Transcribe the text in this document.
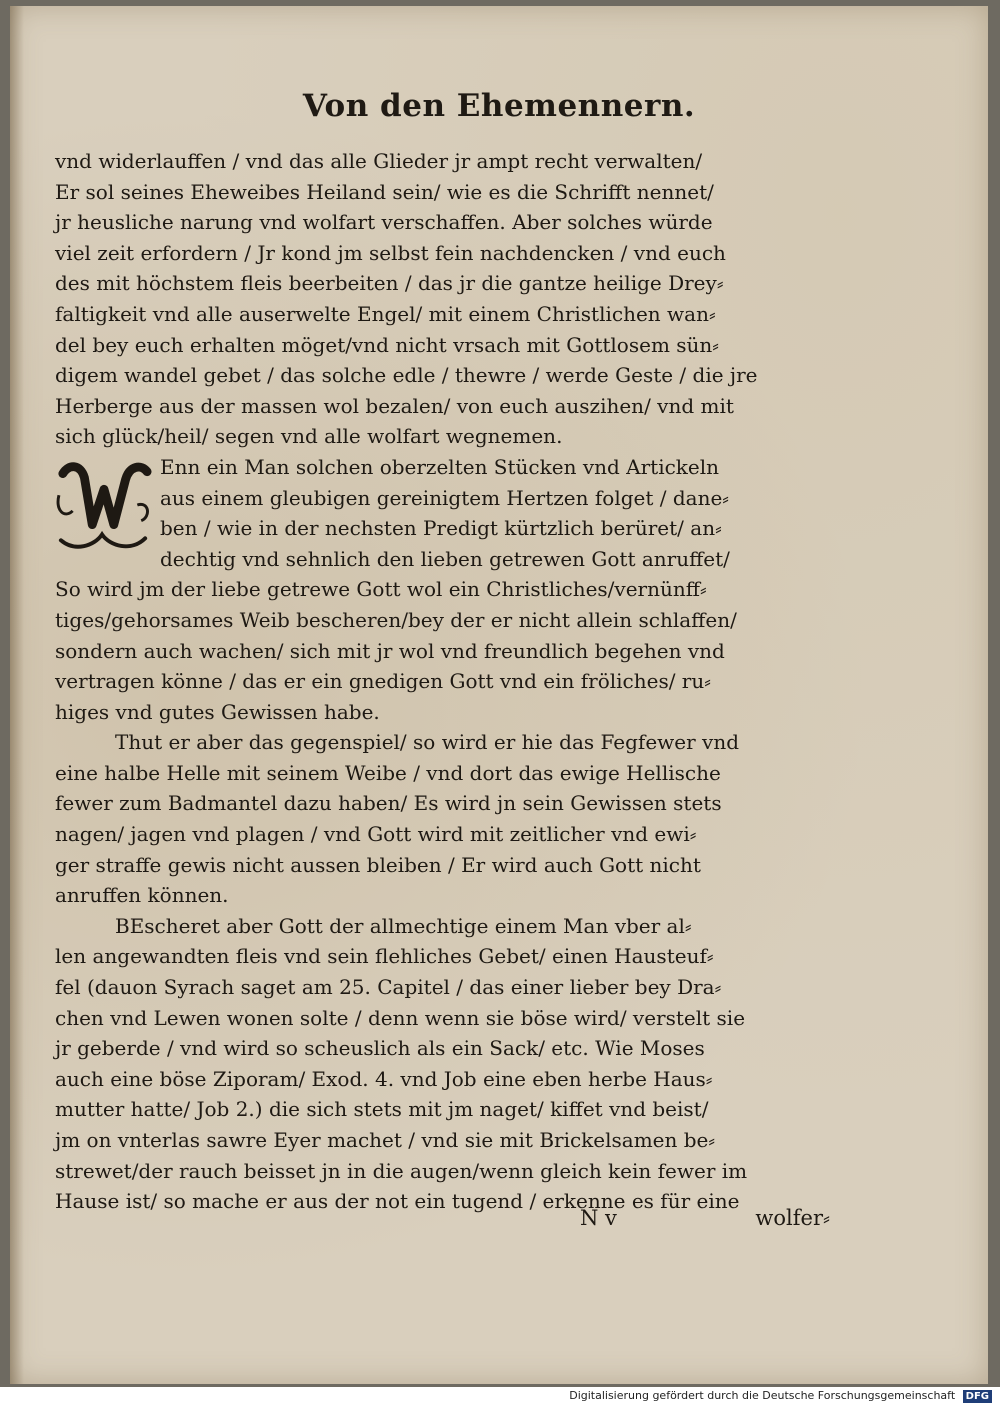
Von den Ehemennern.
vnd widerlauffen / vnd das alle Glieder jr ampt recht verwalten/
Er sol seines Eheweibes Heiland sein/ wie es die Schrifft nennet/
jr heusliche narung vnd wolfart verschaffen. Aber solches würde
viel zeit erfordern / Jr kond jm selbst fein nachdencken / vnd euch
des mit höchstem fleis beerbeiten / das jr die gantze heilige Drey⸗
faltigkeit vnd alle auserwelte Engel/ mit einem Christlichen wan⸗
del bey euch erhalten möget/vnd nicht vrsach mit Gottlosem sün⸗
digem wandel gebet / das solche edle / thewre / werde Geste / die jre
Herberge aus der massen wol bezalen/ von euch auszihen/ vnd mit
sich glück/heil/ segen vnd alle wolfart wegnemen.
Enn ein Man solchen oberzelten Stücken vnd Artickeln
aus einem gleubigen gereinigtem Hertzen folget / dane⸗
ben / wie in der nechsten Predigt kürtzlich berüret/ an⸗
dechtig vnd sehnlich den lieben getrewen Gott anruffet/
So wird jm der liebe getrewe Gott wol ein Christliches/vernünff⸗
tiges/gehorsames Weib bescheren/bey der er nicht allein schlaffen/
sondern auch wachen/ sich mit jr wol vnd freundlich begehen vnd
vertragen könne / das er ein gnedigen Gott vnd ein fröliches/ ru⸗
higes vnd gutes Gewissen habe.
Thut er aber das gegenspiel/ so wird er hie das Fegfewer vnd
eine halbe Helle mit seinem Weibe / vnd dort das ewige Hellische
fewer zum Badmantel dazu haben/ Es wird jn sein Gewissen stets
nagen/ jagen vnd plagen / vnd Gott wird mit zeitlicher vnd ewi⸗
ger straffe gewis nicht aussen bleiben / Er wird auch Gott nicht
anruffen können.
BEscheret aber Gott der allmechtige einem Man vber al⸗
len angewandten fleis vnd sein flehliches Gebet/ einen Hausteuf⸗
fel (dauon Syrach saget am 25. Capitel / das einer lieber bey Dra⸗
chen vnd Lewen wonen solte / denn wenn sie böse wird/ verstelt sie
jr geberde / vnd wird so scheuslich als ein Sack/ etc. Wie Moses
auch eine böse Ziporam/ Exod. 4. vnd Job eine eben herbe Haus⸗
mutter hatte/ Job 2.) die sich stets mit jm naget/ kiffet vnd beist/
jm on vnterlas sawre Eyer machet / vnd sie mit Brickelsamen be⸗
strewet/der rauch beisset jn in die augen/wenn gleich kein fewer im
Hause ist/ so mache er aus der not ein tugend / erkenne es für eine
N v	wolfer⸗
Digitalisierung gefördert durch die Deutsche Forschungsgemeinschaft DFG
